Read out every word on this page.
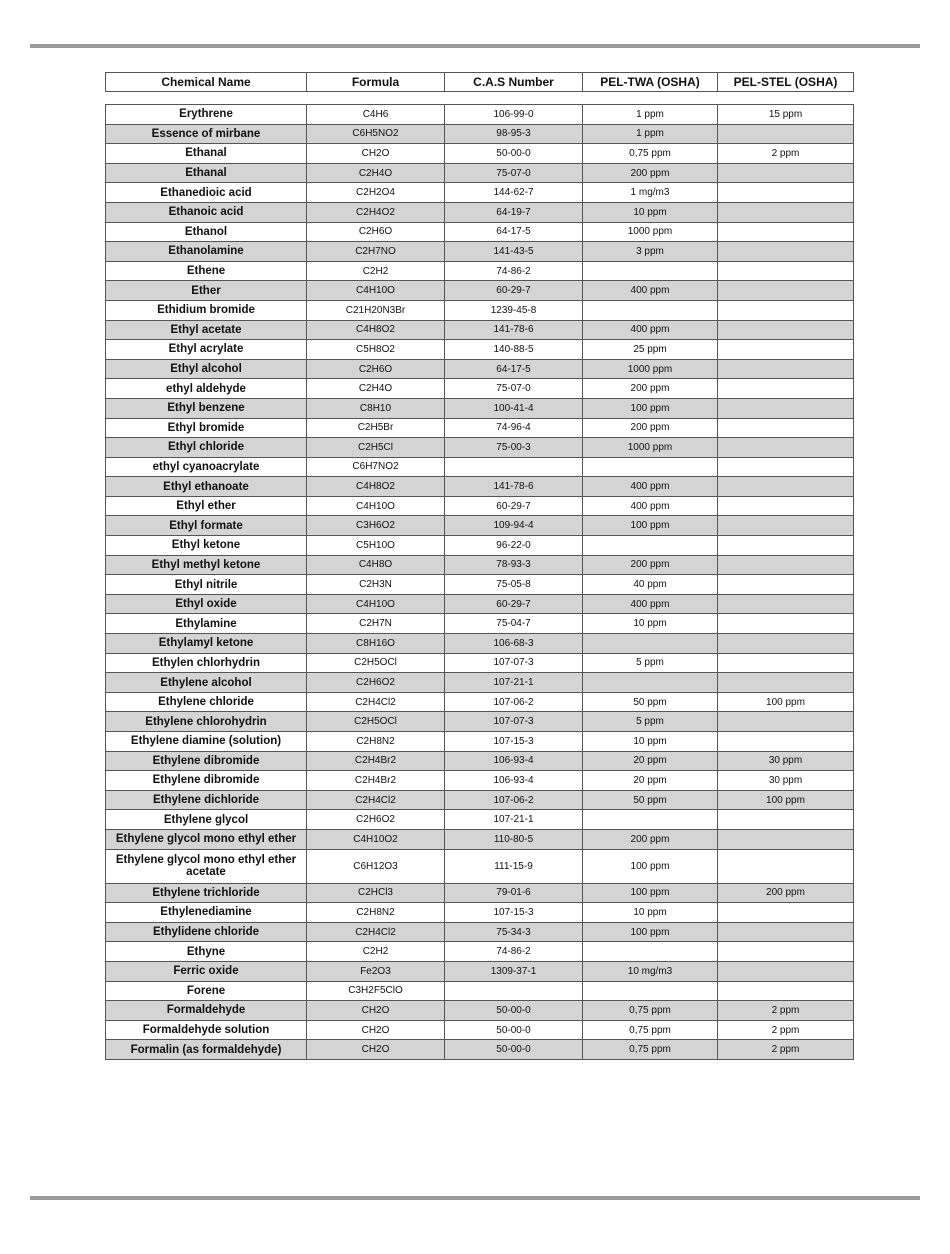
Chemical Name	Formula	C.A.S Number	PEL-TWA (OSHA)	PEL-STEL (OSHA)
Erythrene	C4H6	106-99-0	1 ppm	15 ppm
Essence of mirbane	C6H5NO2	98-95-3	1 ppm	
Ethanal	CH2O	50-00-0	0,75 ppm	2 ppm
Ethanal	C2H4O	75-07-0	200 ppm	
Ethanedioic acid	C2H2O4	144-62-7	1 mg/m3	
Ethanoic acid	C2H4O2	64-19-7	10 ppm	
Ethanol	C2H6O	64-17-5	1000 ppm	
Ethanolamine	C2H7NO	141-43-5	3 ppm	
Ethene	C2H2	74-86-2		
Ether	C4H10O	60-29-7	400 ppm	
Ethidium bromide	C21H20N3Br	1239-45-8		
Ethyl acetate	C4H8O2	141-78-6	400 ppm	
Ethyl acrylate	C5H8O2	140-88-5	25 ppm	
Ethyl alcohol	C2H6O	64-17-5	1000 ppm	
ethyl aldehyde	C2H4O	75-07-0	200 ppm	
Ethyl benzene	C8H10	100-41-4	100 ppm	
Ethyl bromide	C2H5Br	74-96-4	200 ppm	
Ethyl chloride	C2H5Cl	75-00-3	1000 ppm	
ethyl cyanoacrylate	C6H7NO2			
Ethyl ethanoate	C4H8O2	141-78-6	400 ppm	
Ethyl ether	C4H10O	60-29-7	400 ppm	
Ethyl formate	C3H6O2	109-94-4	100 ppm	
Ethyl ketone	C5H10O	96-22-0		
Ethyl methyl ketone	C4H8O	78-93-3	200 ppm	
Ethyl nitrile	C2H3N	75-05-8	40 ppm	
Ethyl oxide	C4H10O	60-29-7	400 ppm	
Ethylamine	C2H7N	75-04-7	10 ppm	
Ethylamyl ketone	C8H16O	106-68-3		
Ethylen chlorhydrin	C2H5OCl	107-07-3	5 ppm	
Ethylene alcohol	C2H6O2	107-21-1		
Ethylene chloride	C2H4Cl2	107-06-2	50 ppm	100 ppm
Ethylene chlorohydrin	C2H5OCl	107-07-3	5 ppm	
Ethylene diamine (solution)	C2H8N2	107-15-3	10 ppm	
Ethylene dibromide	C2H4Br2	106-93-4	20 ppm	30 ppm
Ethylene dibromide	C2H4Br2	106-93-4	20 ppm	30 ppm
Ethylene dichloride	C2H4Cl2	107-06-2	50 ppm	100 ppm
Ethylene glycol	C2H6O2	107-21-1		
Ethylene glycol mono ethyl ether	C4H10O2	110-80-5	200 ppm	
Ethylene glycol mono ethyl ether acetate	C6H12O3	111-15-9	100 ppm	
Ethylene trichloride	C2HCl3	79-01-6	100 ppm	200 ppm
Ethylenediamine	C2H8N2	107-15-3	10 ppm	
Ethylidene chloride	C2H4Cl2	75-34-3	100 ppm	
Ethyne	C2H2	74-86-2		
Ferric oxide	Fe2O3	1309-37-1	10 mg/m3	
Forene	C3H2F5ClO			
Formaldehyde	CH2O	50-00-0	0,75 ppm	2 ppm
Formaldehyde solution	CH2O	50-00-0	0,75 ppm	2 ppm
Formalin (as formaldehyde)	CH2O	50-00-0	0,75 ppm	2 ppm
